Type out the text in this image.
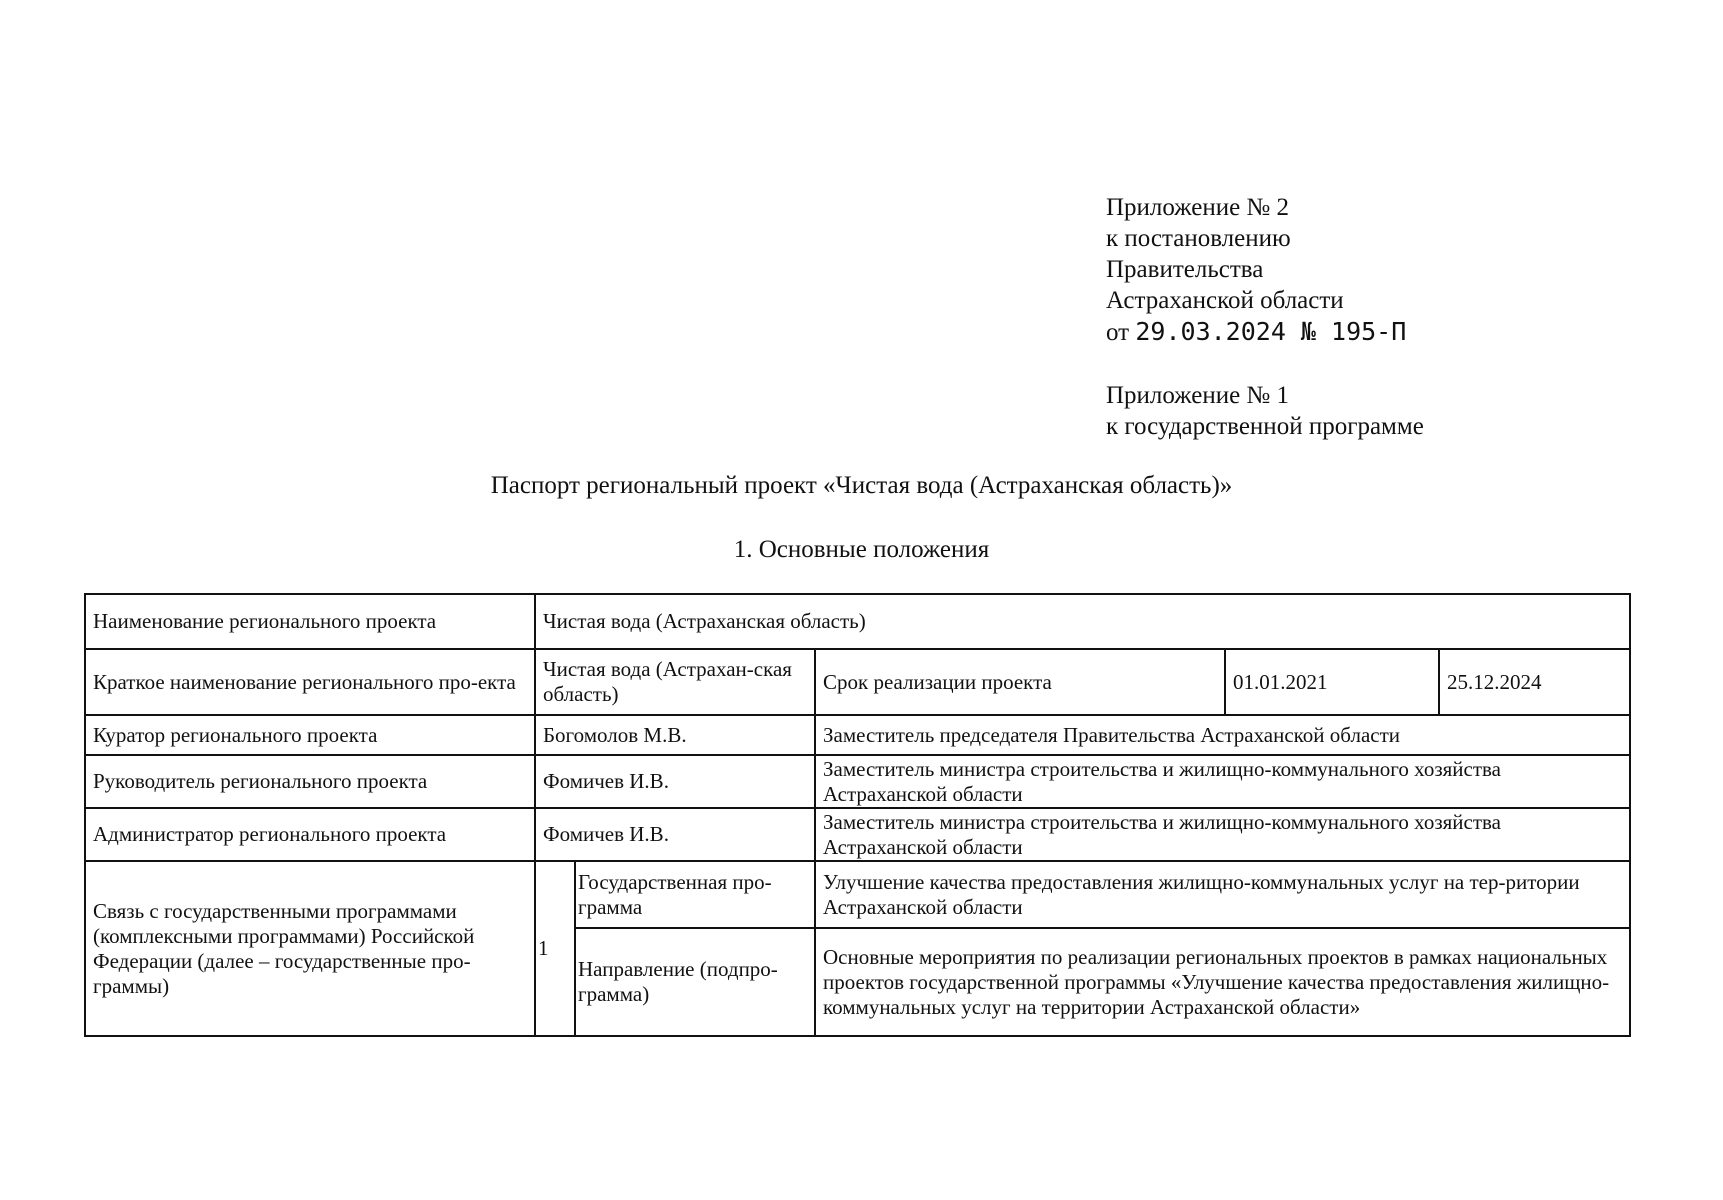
Приложение № 2
к постановлению
Правительства
Астраханской области
от 29.03.2024 № 195-П
Приложение № 1
к государственной программе
Паспорт региональный проект «Чистая вода (Астраханская область)»
1. Основные положения
Наименование регионального проекта	Чистая вода (Астраханская область)				
Краткое наименование регионального про-екта	Чистая вода (Астрахан-ская область)		Срок реализации проекта	01.01.2021	25.12.2024
Куратор регионального проекта	Богомолов М.В.		Заместитель председателя Правительства Астраханской области		
Руководитель регионального проекта	Фомичев И.В.		Заместитель министра строительства и жилищно-коммунального хозяйства Астраханской области		
Администратор регионального проекта	Фомичев И.В.		Заместитель министра строительства и жилищно-коммунального хозяйства Астраханской области		
Связь с государственными программами (комплексными программами) Российской Федерации (далее – государственные про-граммы)	1	Государственная про-грамма	Улучшение качества предоставления жилищно-коммунальных услуг на тер-ритории Астраханской области		
		Направление (подпро-грамма)	Основные мероприятия по реализации региональных проектов в рамках национальных проектов государственной программы «Улучшение качества предоставления жилищно-коммунальных услуг на территории Астраханской области»		
